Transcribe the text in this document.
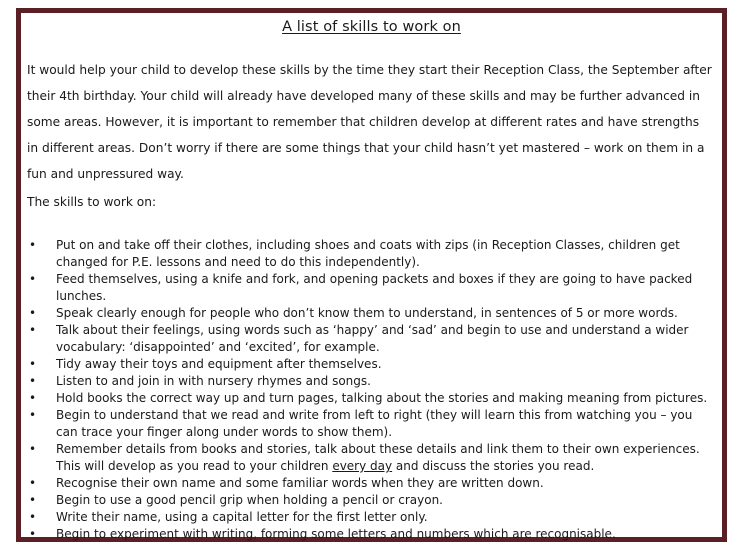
A list of skills to work on

It would help your child to develop these skills by the time they start their Reception Class, the September after their 4th birthday. Your child will already have developed many of these skills and may be further advanced in some areas. However, it is important to remember that children develop at different rates and have strengths in different areas. Don’t worry if there are some things that your child hasn’t yet mastered – work on them in a fun and unpressured way.

The skills to work on:
• Put on and take off their clothes, including shoes and coats with zips (in Reception Classes, children get changed for P.E. lessons and need to do this independently).
• Feed themselves, using a knife and fork, and opening packets and boxes if they are going to have packed lunches.
• Speak clearly enough for people who don’t know them to understand, in sentences of 5 or more words.
• Talk about their feelings, using words such as ‘happy’ and ‘sad’ and begin to use and understand a wider vocabulary: ‘disappointed’ and ‘excited’, for example.
• Tidy away their toys and equipment after themselves.
• Listen to and join in with nursery rhymes and songs.
• Hold books the correct way up and turn pages, talking about the stories and making meaning from pictures.
• Begin to understand that we read and write from left to right (they will learn this from watching you – you can trace your finger along under words to show them).
• Remember details from books and stories, talk about these details and link them to their own experiences. This will develop as you read to your children every day and discuss the stories you read.
• Recognise their own name and some familiar words when they are written down.
• Begin to use a good pencil grip when holding a pencil or crayon.
• Write their name, using a capital letter for the first letter only.
• Begin to experiment with writing, forming some letters and numbers which are recognisable.
